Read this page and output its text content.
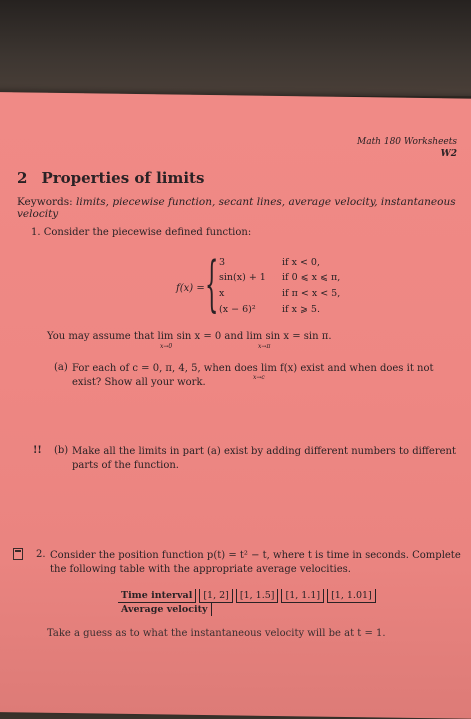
Math 180 Worksheets
W2
2 Properties of limits
Keywords: limits, piecewise function, secant lines, average velocity, instantaneous velocity
1. Consider the piecewise defined function:
f(x) = { 3	if x < 0,
sin(x) + 1 if 0 ⩽ x ⩽ π,
x	if π < x < 5,
(x − 6)²	if x ⩾ 5.
You may assume that lim sin x = 0 and lim sin x = sin π.
x→0	x→π
(a) For each of c = 0, π, 4, 5, when does lim f(x) exist and when does it not exist? Show all your work.	x→c
!! (b) Make all the limits in part (a) exist by adding different numbers to different parts of the function.
2. Consider the position function p(t) = t² − t, where t is time in seconds. Complete the following table with the appropriate average velocities.
Time interval [1, 2] [1, 1.5] [1, 1.1] [1, 1.01]
Average velocity
Take a guess as to what the instantaneous velocity will be at t = 1.
